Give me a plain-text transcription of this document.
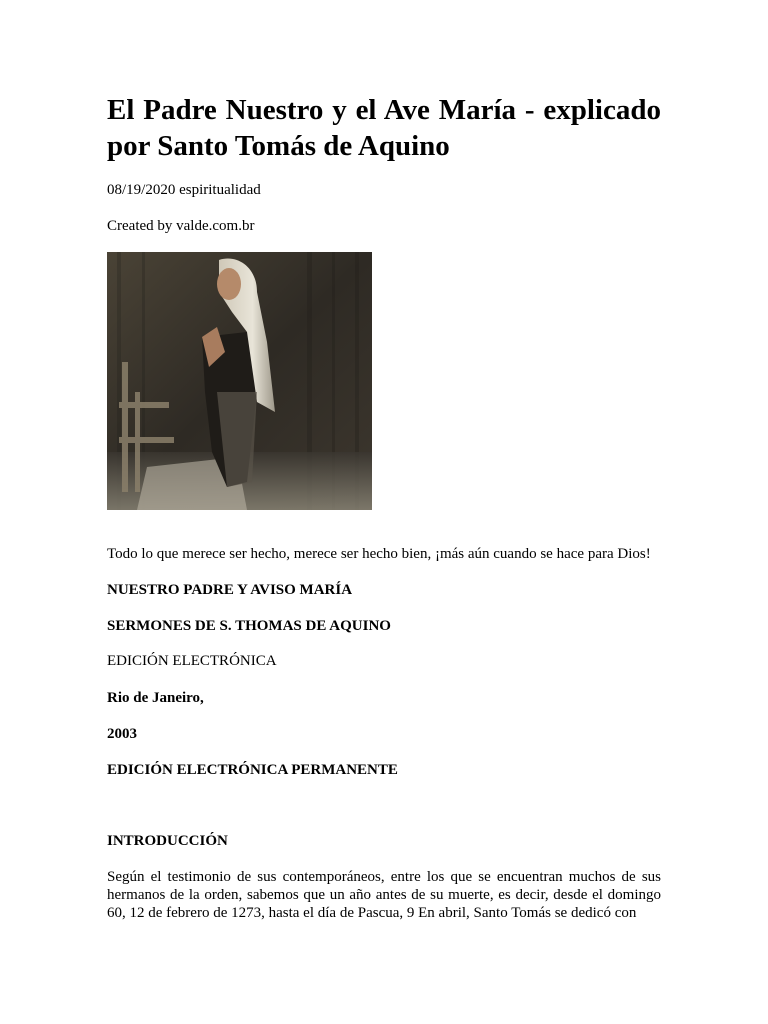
El Padre Nuestro y el Ave María - explicado por Santo Tomás de Aquino

08/19/2020 espiritualidad

Created by valde.com.br

Todo lo que merece ser hecho, merece ser hecho bien, ¡más aún cuando se hace para Dios!

NUESTRO PADRE Y AVISO MARÍA

SERMONES DE S. THOMAS DE AQUINO

EDICIÓN ELECTRÓNICA

Rio de Janeiro,

2003

EDICIÓN ELECTRÓNICA PERMANENTE

INTRODUCCIÓN

Según el testimonio de sus contemporáneos, entre los que se encuentran muchos de sus hermanos de la orden, sabemos que un año antes de su muerte, es decir, desde el domingo 60, 12 de febrero de 1273, hasta el día de Pascua, 9 En abril, Santo Tomás se dedicó con
